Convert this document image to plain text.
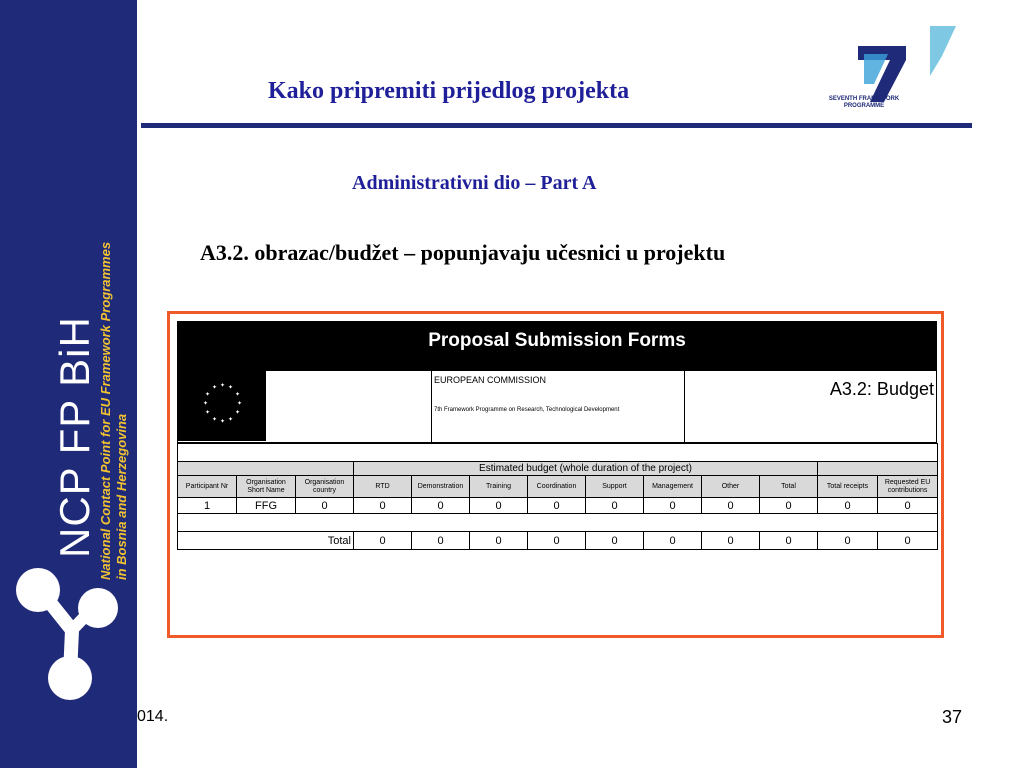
NCP FP BiH National Contact Point for EU Framework Programmes in Bosnia and Herzegovina
Kako pripremiti prijedlog projekta	SEVENTH FRAMEWORK PROGRAMME
Administrativni dio – Part A
A3.2. obrazac/budžet – popunjavaju učesnici u projektu
Proposal Submission Forms
✦ ✦
✦
✦
✦
✦
✦
✦
✦
✦
✦
✦
EUROPEAN COMMISSION
7th Framework Programme on Research, Technological Development
A3.2: Budget

			Estimated budget (whole duration of the project)									
Participant Nr	Organisation Short Name	Organisation country	RTD	Demonstration	Training	Coordination	Support	Management	Other	Total	Total receipts	Requested EU contributions
1	FFG	0	0	0	0	0	0	0	0	0	0	0

Total			0	0	0	0	0	0	0	0	0	0
014.	37
